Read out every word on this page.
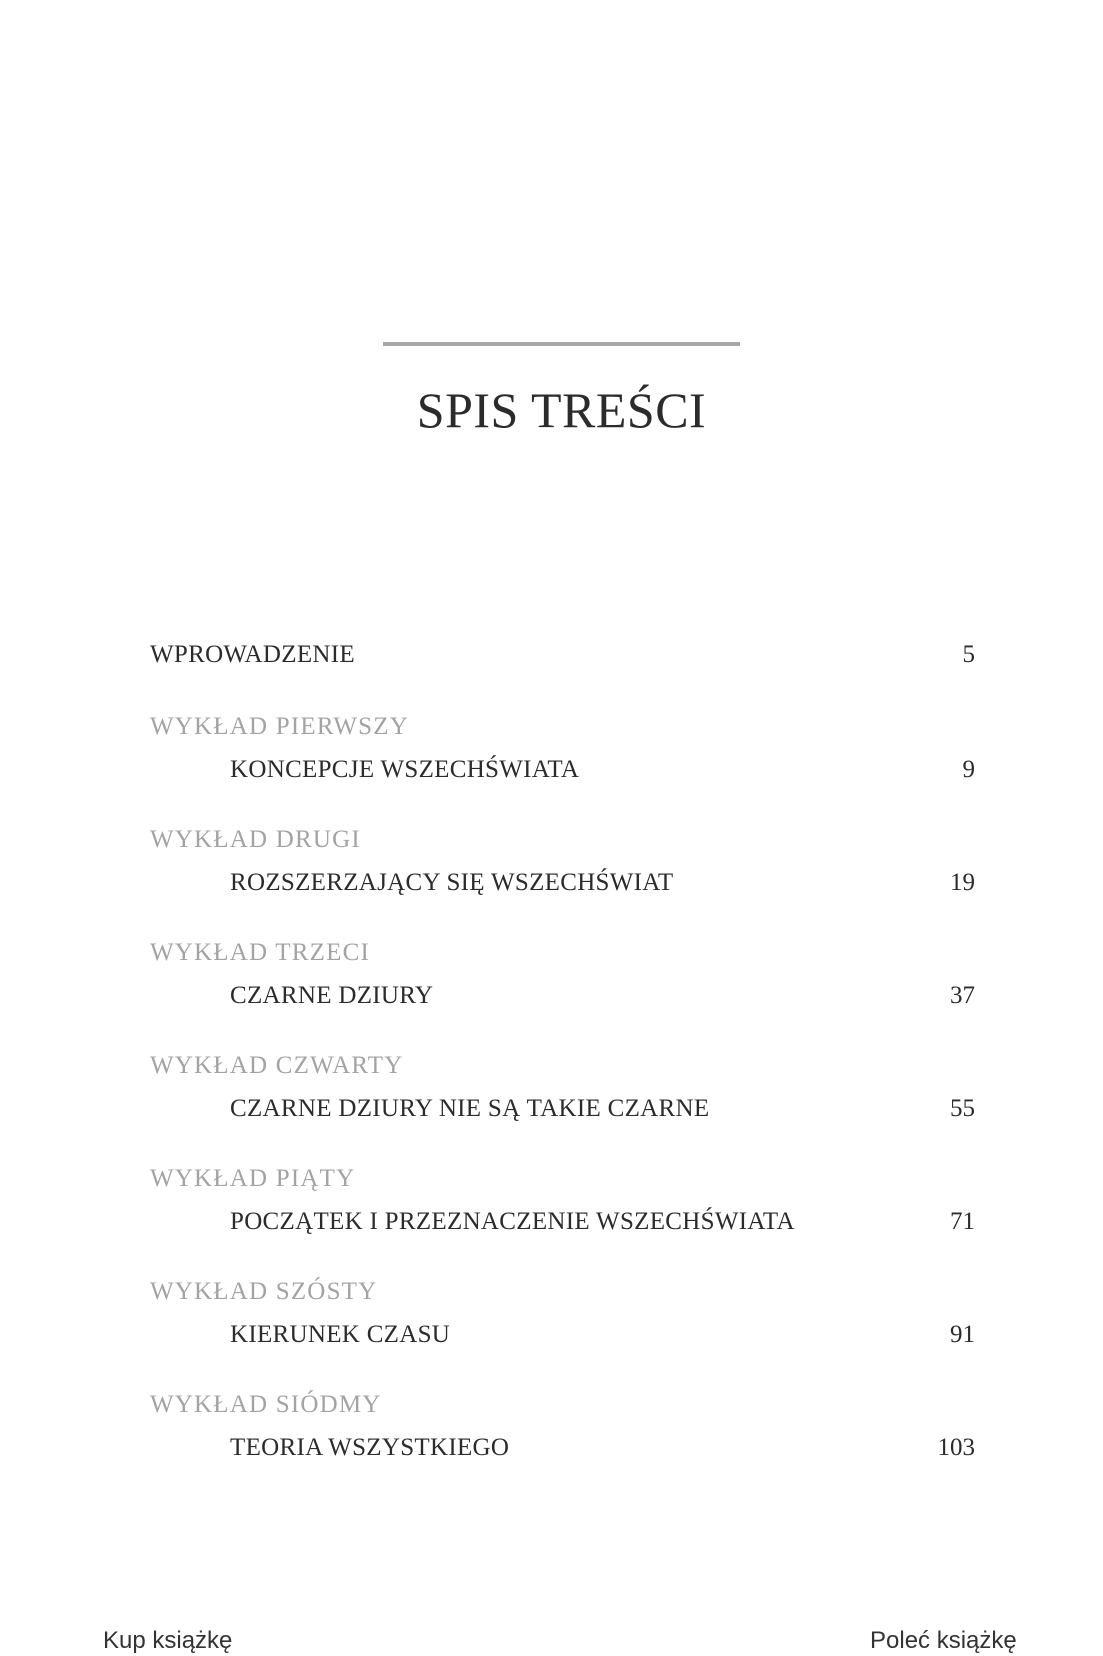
SPIS TREŚCI
WPROWADZENIE	5
WYKŁAD PIERWSZY
KONCEPCJE WSZECHŚWIATA	9
WYKŁAD DRUGI
ROZSZERZAJĄCY SIĘ WSZECHŚWIAT	19
WYKŁAD TRZECI
CZARNE DZIURY	37
WYKŁAD CZWARTY
CZARNE DZIURY NIE SĄ TAKIE CZARNE	55
WYKŁAD PIĄTY
POCZĄTEK I PRZEZNACZENIE WSZECHŚWIATA	71
WYKŁAD SZÓSTY
KIERUNEK CZASU	91
WYKŁAD SIÓDMY
TEORIA WSZYSTKIEGO	103
Kup książkę	Poleć książkę
